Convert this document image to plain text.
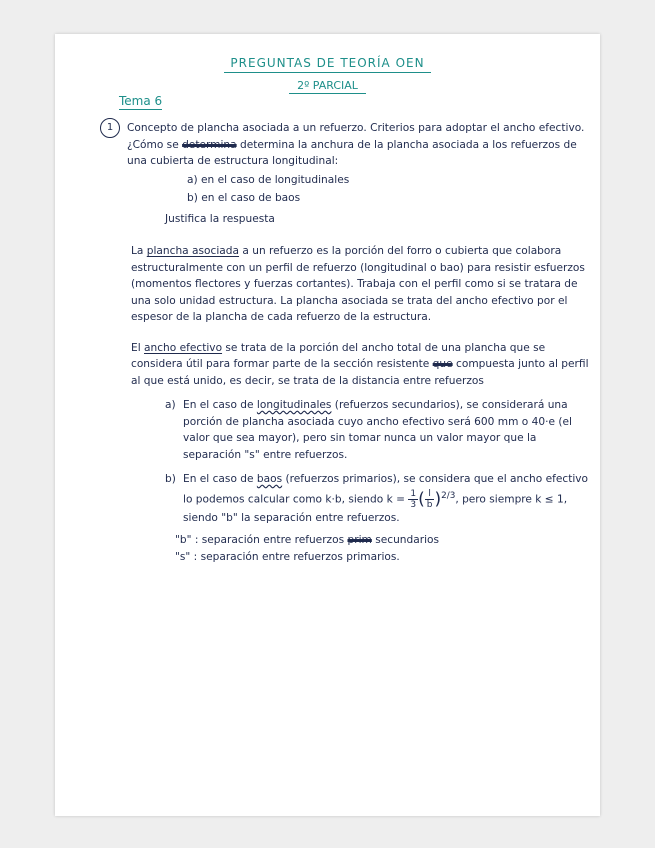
PREGUNTAS DE TEORÍA OEN
2º PARCIAL
Tema 6
1	Concepto de plancha asociada a un refuerzo. Criterios para adoptar el ancho efectivo. ¿Cómo se determina determina la anchura de la plancha asociada a los refuerzos de una cubierta de estructura longitudinal:

a) en el caso de longitudinales
b) en el caso de baos
Justifica la respuesta

La plancha asociada a un refuerzo es la porción del forro o cubierta que colabora estructuralmente con un perfil de refuerzo (longitudinal o bao) para resistir esfuerzos (momentos flectores y fuerzas cortantes). Trabaja con el perfil como si se tratara de una solo unidad estructura. La plancha asociada se trata del ancho efectivo por el espesor de la plancha de cada refuerzo de la estructura.

El ancho efectivo se trata de la porción del ancho total de una plancha que se considera útil para formar parte de la sección resistente que compuesta junto al perfil al que está unido, es decir, se trata de la distancia entre refuerzos

a) En el caso de longitudinales (refuerzos secundarios), se considerará una porción de plancha asociada cuyo ancho efectivo será 600 mm o 40·e (el valor que sea mayor), pero sin tomar nunca un valor mayor que la separación "s" entre refuerzos.
b) En el caso de baos (refuerzos primarios), se considera que el ancho efectivo lo podemos calcular como k·b, siendo $k = \frac{1}{3}$ ( $\frac{l}{b} )^{2/3}$, pero siempre k ≤ 1, siendo "b" la separación entre refuerzos.
"b" : separación entre refuerzos prim secundarios
"s" : separación entre refuerzos primarios.
